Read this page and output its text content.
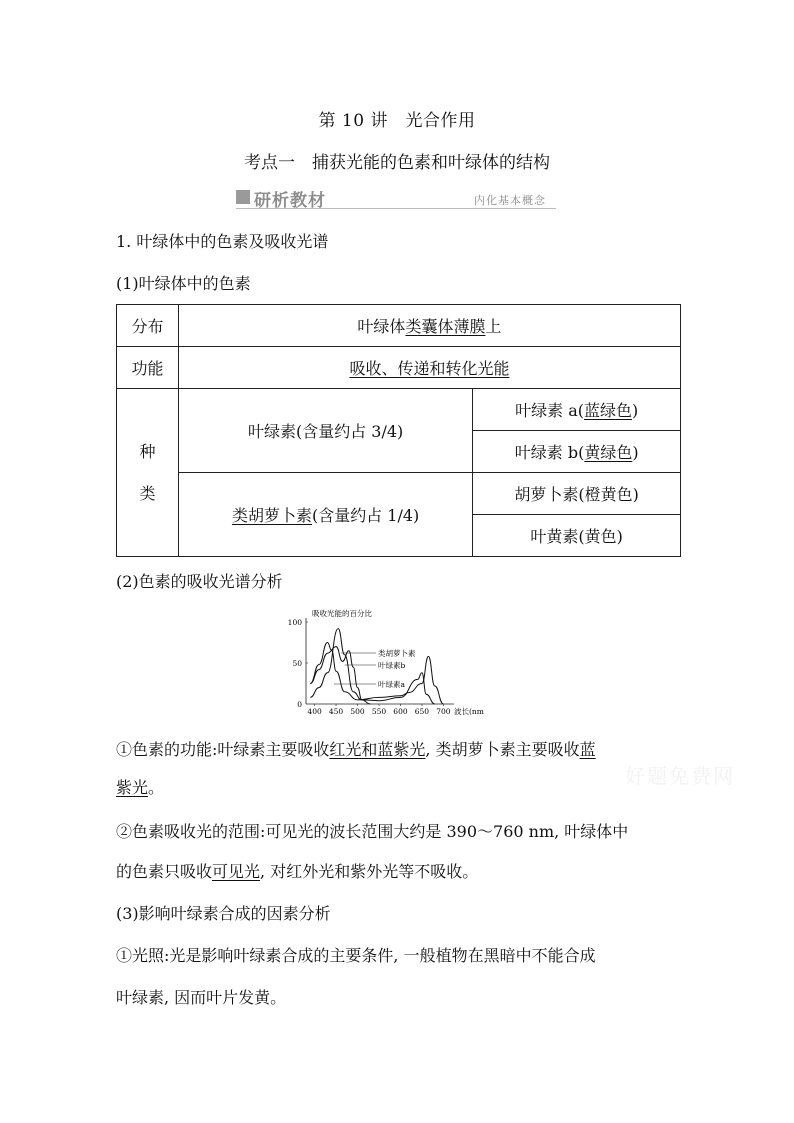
第 10 讲　光合作用
考点一　捕获光能的色素和叶绿体的结构
研析教材	内化基本概念
1. 叶绿体中的色素及吸收光谱
(1)叶绿体中的色素
分布	叶绿体类囊体薄膜上	
功能	吸收、传递和转化光能	

种
类	叶绿素(含量约占 3/4)	叶绿素 a(蓝绿色)
		叶绿素 b(黄绿色)
	类胡萝卜素(含量约占 1/4)	胡萝卜素(橙黄色)
		叶黄素(黄色)
(2)色素的吸收光谱分析
吸收光能的百分比
400 450 500 550 600 650 700
0
50
100
类胡萝卜素
叶绿素b
叶绿素a
波长(nm)
①色素的功能:叶绿素主要吸收红光和蓝紫光, 类胡萝卜素主要吸收蓝
紫光。
②色素吸收光的范围:可见光的波长范围大约是 390～760 nm, 叶绿体中
的色素只吸收可见光, 对红外光和紫外光等不吸收。
(3)影响叶绿素合成的因素分析
①光照:光是影响叶绿素合成的主要条件, 一般植物在黑暗中不能合成
叶绿素, 因而叶片发黄。
好题免费网
